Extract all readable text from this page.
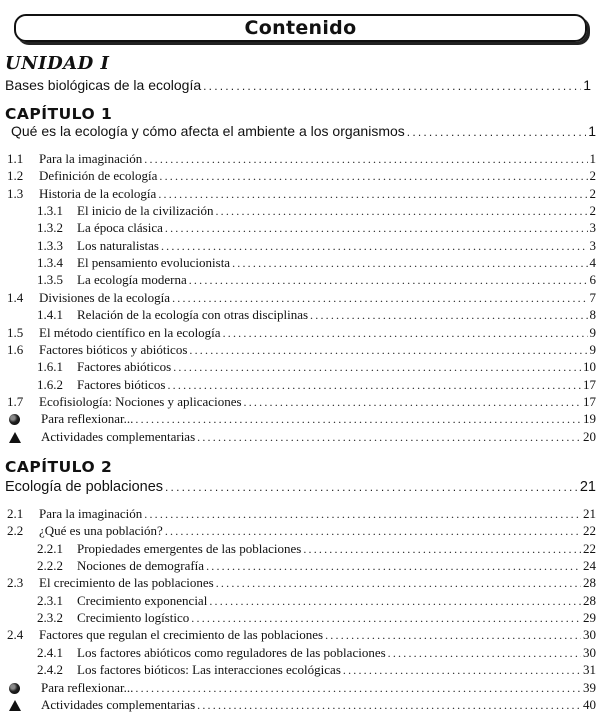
Contenido
UNIDAD I
Bases biológicas de la ecología .....	1
CAPÍTULO 1
Qué es la ecología y cómo afecta el ambiente a los organismos .....	1
1.1	Para la imaginación .....	1
1.2	Definición de ecología .....	2
1.3	Historia de la ecología .....	2
1.3.1	El inicio de la civilización .....	2
1.3.2	La época clásica .....	3
1.3.3	Los naturalistas .....	3
1.3.4	El pensamiento evolucionista .....	4
1.3.5	La ecología moderna .....	6
1.4	Divisiones de la ecología .....	7
1.4.1	Relación de la ecología con otras disciplinas .....	8
1.5	El método científico en la ecología .....	9
1.6	Factores bióticos y abióticos .....	9
1.6.1	Factores abióticos .....	10
1.6.2	Factores bióticos .....	17
1.7	Ecofisiología: Nociones y aplicaciones .....	17
Para reflexionar... .....	19
Actividades complementarias .....	20
CAPÍTULO 2
Ecología de poblaciones .....	21
2.1	Para la imaginación .....	21
2.2	¿Qué es una población? .....	22
2.2.1	Propiedades emergentes de las poblaciones .....	22
2.2.2	Nociones de demografía .....	24
2.3	El crecimiento de las poblaciones .....	28
2.3.1	Crecimiento exponencial .....	28
2.3.2	Crecimiento logístico .....	29
2.4	Factores que regulan el crecimiento de las poblaciones .....	30
2.4.1	Los factores abióticos como reguladores de las poblaciones .....	30
2.4.2	Los factores bióticos: Las interacciones ecológicas .....	31
Para reflexionar... .....	39
Actividades complementarias .....	40
